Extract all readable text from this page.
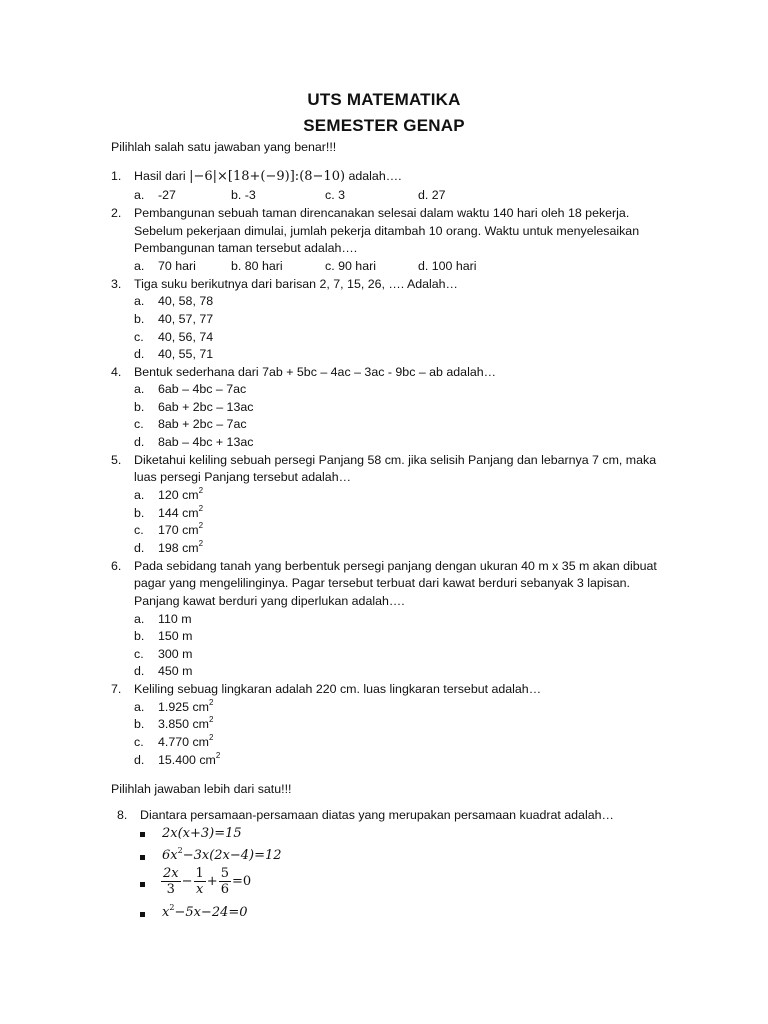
UTS MATEMATIKA
SEMESTER GENAP
Pilihlah salah satu jawaban yang benar!!!
1. Hasil dari |−6|×[18+(−9)]:(8−10) adalah….
a. -27	b. -3	c. 3	d. 27
2. Pembangunan sebuah taman direncanakan selesai dalam waktu 140 hari oleh 18 pekerja.
Sebelum pekerjaan dimulai, jumlah pekerja ditambah 10 orang. Waktu untuk menyelesaikan
Pembangunan taman tersebut adalah….
a. 70 hari	b. 80 hari	c. 90 hari	d. 100 hari
3. Tiga suku berikutnya dari barisan 2, 7, 15, 26, …. Adalah…
a. 40, 58, 78
b. 40, 57, 77
c. 40, 56, 74
d. 40, 55, 71
4. Bentuk sederhana dari 7ab + 5bc – 4ac – 3ac - 9bc – ab adalah…
a. 6ab – 4bc – 7ac
b. 6ab + 2bc – 13ac
c. 8ab + 2bc – 7ac
d. 8ab – 4bc + 13ac
5. Diketahui keliling sebuah persegi Panjang 58 cm. jika selisih Panjang dan lebarnya 7 cm, maka
luas persegi Panjang tersebut adalah…
a. 120 $cm^2$
b. 144 $cm^2$
c. 170 $cm^2$
d. 198 $cm^2$
6. Pada sebidang tanah yang berbentuk persegi panjang dengan ukuran 40 m x 35 m akan dibuat
pagar yang mengelilinginya. Pagar tersebut terbuat dari kawat berduri sebanyak 3 lapisan.
Panjang kawat berduri yang diperlukan adalah….
a. 110 m
b. 150 m
c. 300 m
d. 450 m
7. Keliling sebuag lingkaran adalah 220 cm. luas lingkaran tersebut adalah…
a. 1.925 $cm^2$
b. 3.850 $cm^2$
c. 4.770 $cm^2$
d. 15.400 $cm^2$
Pilihlah jawaban lebih dari satu!!!
8. Diantara persamaan-persamaan diatas yang merupakan persamaan kuadrat adalah…
2x(x+3)=15
$6x^2-3x(2x-4)=12$
$\frac{2x}{3} - \frac{1}{x} + \frac{5}{6} =0$
$x^2-5x-24=0$
